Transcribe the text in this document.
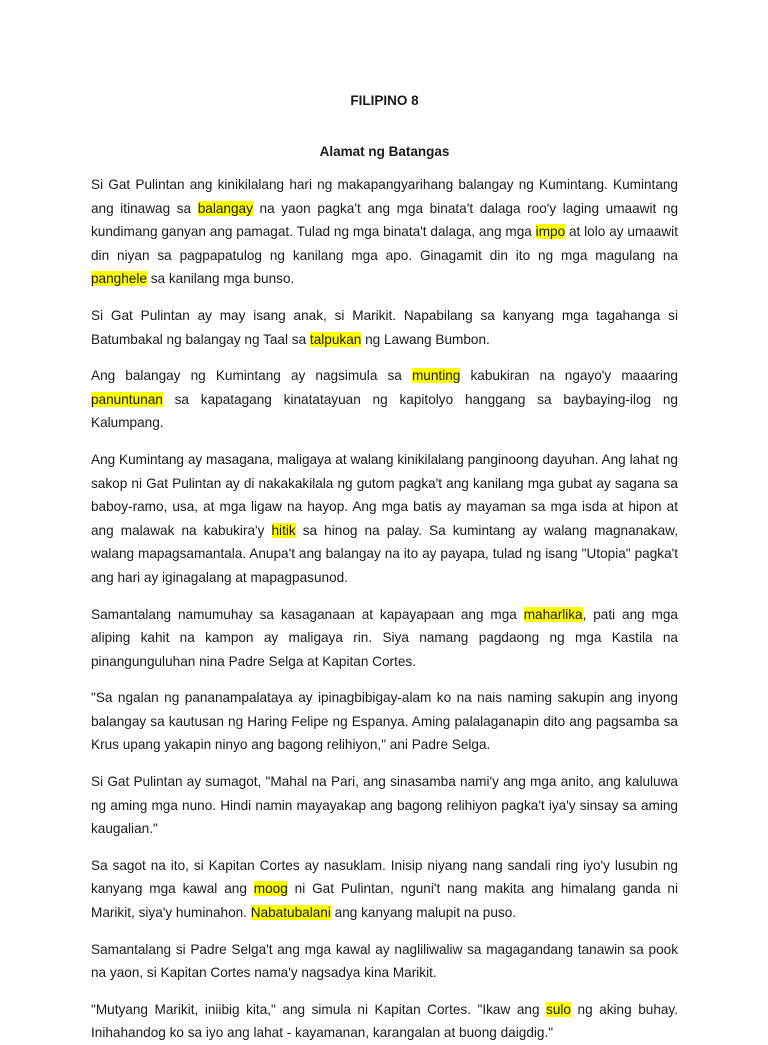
FILIPINO 8
Alamat ng Batangas

Si Gat Pulintan ang kinikilalang hari ng makapangyarihang balangay ng Kumintang. Kumintang ang itinawag sa balangay na yaon pagka't ang mga binata't dalaga roo'y laging umaawit ng kundimang ganyan ang pamagat. Tulad ng mga binata't dalaga, ang mga impo at lolo ay umaawit din niyan sa pagpapatulog ng kanilang mga apo. Ginagamit din ito ng mga magulang na panghele sa kanilang mga bunso.

Si Gat Pulintan ay may isang anak, si Marikit. Napabilang sa kanyang mga tagahanga si Batumbakal ng balangay ng Taal sa talpukan ng Lawang Bumbon.

Ang balangay ng Kumintang ay nagsimula sa munting kabukiran na ngayo'y maaaring panuntunan sa kapatagang kinatatayuan ng kapitolyo hanggang sa baybaying-ilog ng Kalumpang.

Ang Kumintang ay masagana, maligaya at walang kinikilalang panginoong dayuhan. Ang lahat ng sakop ni Gat Pulintan ay di nakakakilala ng gutom pagka't ang kanilang mga gubat ay sagana sa baboy-ramo, usa, at mga ligaw na hayop. Ang mga batis ay mayaman sa mga isda at hipon at ang malawak na kabukira'y hitik sa hinog na palay. Sa kumintang ay walang magnanakaw, walang mapagsamantala. Anupa't ang balangay na ito ay payapa, tulad ng isang "Utopia" pagka't ang hari ay iginagalang at mapagpasunod.

Samantalang namumuhay sa kasaganaan at kapayapaan ang mga maharlika, pati ang mga aliping kahit na kampon ay maligaya rin. Siya namang pagdaong ng mga Kastila na pinangunguluhan nina Padre Selga at Kapitan Cortes.

"Sa ngalan ng pananampalataya ay ipinagbibigay-alam ko na nais naming sakupin ang inyong balangay sa kautusan ng Haring Felipe ng Espanya. Aming palalaganapin dito ang pagsamba sa Krus upang yakapin ninyo ang bagong relihiyon," ani Padre Selga.

Si Gat Pulintan ay sumagot, "Mahal na Pari, ang sinasamba nami'y ang mga anito, ang kaluluwa ng aming mga nuno. Hindi namin mayayakap ang bagong relihiyon pagka't iya'y sinsay sa aming kaugalian."

Sa sagot na ito, si Kapitan Cortes ay nasuklam. Inisip niyang nang sandali ring iyo'y lusubin ng kanyang mga kawal ang moog ni Gat Pulintan, nguni't nang makita ang himalang ganda ni Marikit, siya'y huminahon. Nabatubalani ang kanyang malupit na puso.

Samantalang si Padre Selga't ang mga kawal ay nagliliwaliw sa magagandang tanawin sa pook na yaon, si Kapitan Cortes nama'y nagsadya kina Marikit.

"Mutyang Marikit, iniibig kita," ang simula ni Kapitan Cortes. "Ikaw ang sulo ng aking buhay. Inihahandog ko sa iyo ang lahat - kayamanan, karangalan at buong daigdig."
